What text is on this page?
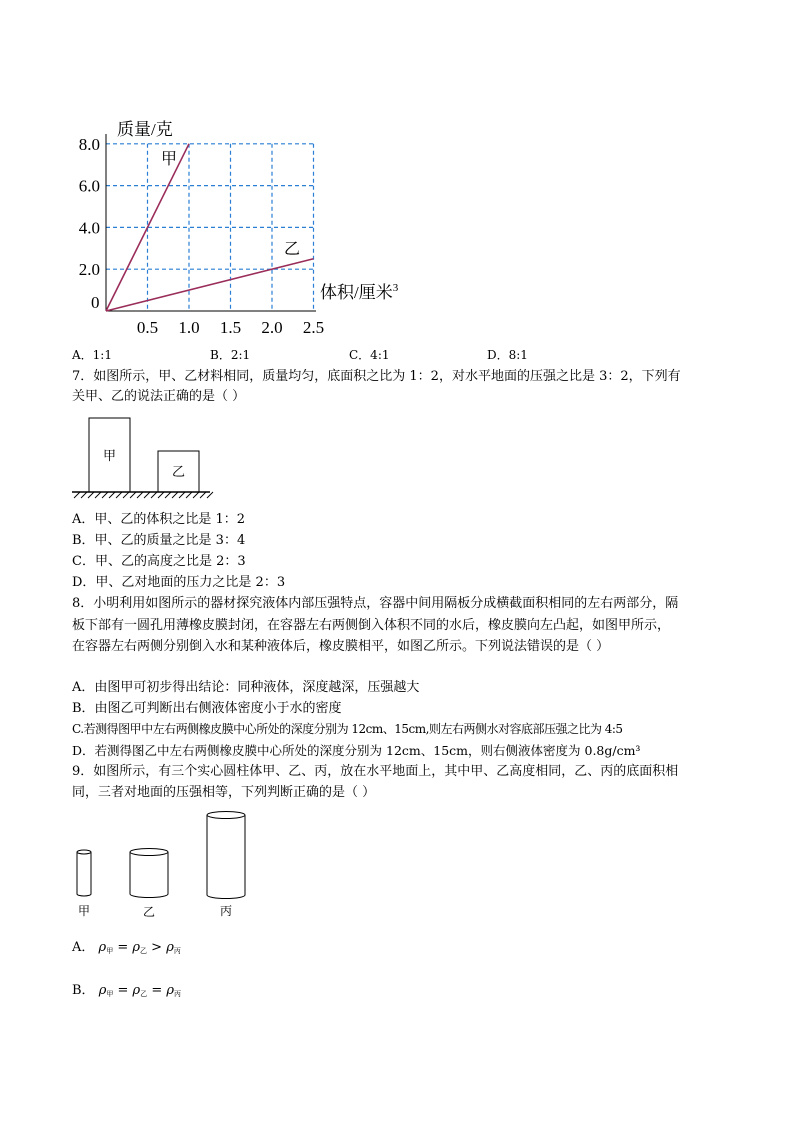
0.5 1.0 1.5 2.0 2.5
8.0
6.0
4.0
2.0
质量/克
0
体积/厘米$^3$
甲
乙
A．1:1	B．2:1	C．4:1	D．8:1
7．如图所示，甲、乙材料相同，质量均匀，底面积之比为 1：2，对水平地面的压强之比是 3：2，下列有
关甲、乙的说法正确的是（ ）
甲
乙
A．甲、乙的体积之比是 1：2
B．甲、乙的质量之比是 3：4
C．甲、乙的高度之比是 2：3
D．甲、乙对地面的压力之比是 2：3
8．小明利用如图所示的器材探究液体内部压强特点，容器中间用隔板分成横截面积相同的左右两部分，隔
板下部有一圆孔用薄橡皮膜封闭，在容器左右两侧倒入体积不同的水后，橡皮膜向左凸起，如图甲所示，
在容器左右两侧分别倒入水和某种液体后，橡皮膜相平，如图乙所示。下列说法错误的是（ ）
A．由图甲可初步得出结论：同种液体，深度越深，压强越大
B．由图乙可判断出右侧液体密度小于水的密度
C.若测得图甲中左右两侧橡皮膜中心所处的深度分别为 12cm、15cm,则左右两侧水对容底部压强之比为 4:5
D．若测得图乙中左右两侧橡皮膜中心所处的深度分别为 12cm、15cm，则右侧液体密度为 0.8g/cm³
9．如图所示，有三个实心圆柱体甲、乙、丙，放在水平地面上，其中甲、乙高度相同，乙、丙的底面积相
同，三者对地面的压强相等，下列判断正确的是（ ）
甲	乙	丙
A． $\rho_甲 = \rho_乙 > \rho_丙$
B． $\rho_甲 = \rho_乙 = \rho_丙$
